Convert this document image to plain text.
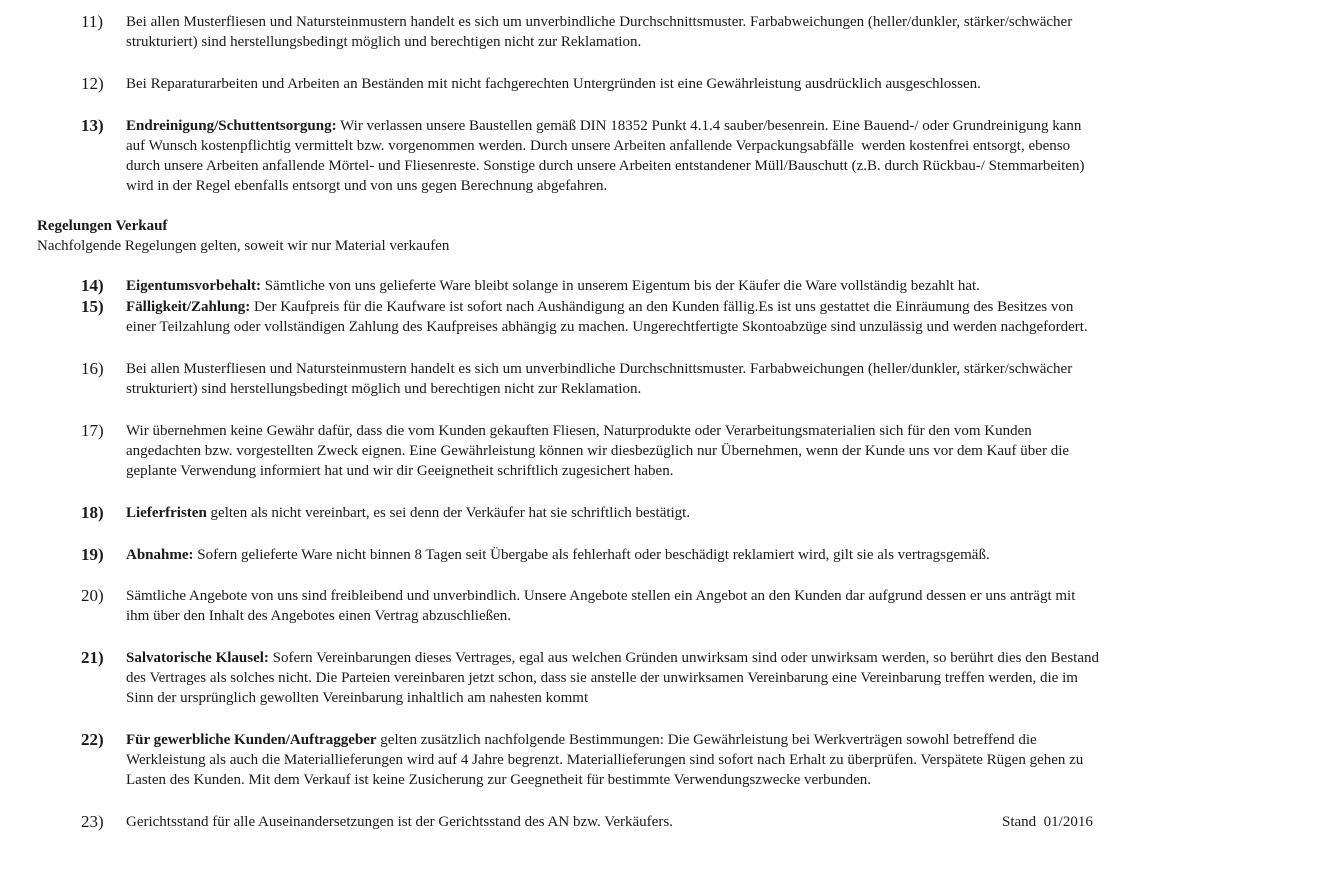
11)	Bei allen Musterfliesen und Natursteinmustern handelt es sich um unverbindliche Durchschnittsmuster. Farbabweichungen (heller/dunkler, stärker/schwächer
strukturiert) sind herstellungsbedingt möglich und berechtigen nicht zur Reklamation.
12)	Bei Reparaturarbeiten und Arbeiten an Beständen mit nicht fachgerechten Untergründen ist eine Gewährleistung ausdrücklich ausgeschlossen.
13)	Endreinigung/Schuttentsorgung: Wir verlassen unsere Baustellen gemäß DIN 18352 Punkt 4.1.4 sauber/besenrein. Eine Bauend-/ oder Grundreinigung kann
auf Wunsch kostenpflichtig vermittelt bzw. vorgenommen werden. Durch unsere Arbeiten anfallende Verpackungsabfälle  werden kostenfrei entsorgt, ebenso
durch unsere Arbeiten anfallende Mörtel- und Fliesenreste. Sonstige durch unsere Arbeiten entstandener Müll/Bauschutt (z.B. durch Rückbau-/ Stemmarbeiten)
wird in der Regel ebenfalls entsorgt und von uns gegen Berechnung abgefahren.
Regelungen Verkauf
Nachfolgende Regelungen gelten, soweit wir nur Material verkaufen
14)	Eigentumsvorbehalt: Sämtliche von uns gelieferte Ware bleibt solange in unserem Eigentum bis der Käufer die Ware vollständig bezahlt hat.
15)	Fälligkeit/Zahlung: Der Kaufpreis für die Kaufware ist sofort nach Aushändigung an den Kunden fällig.Es ist uns gestattet die Einräumung des Besitzes von
einer Teilzahlung oder vollständigen Zahlung des Kaufpreises abhängig zu machen. Ungerechtfertigte Skontoabzüge sind unzulässig und werden nachgefordert.
16)	Bei allen Musterfliesen und Natursteinmustern handelt es sich um unverbindliche Durchschnittsmuster. Farbabweichungen (heller/dunkler, stärker/schwächer
strukturiert) sind herstellungsbedingt möglich und berechtigen nicht zur Reklamation.
17)	Wir übernehmen keine Gewähr dafür, dass die vom Kunden gekauften Fliesen, Naturprodukte oder Verarbeitungsmaterialien sich für den vom Kunden
angedachten bzw. vorgestellten Zweck eignen. Eine Gewährleistung können wir diesbezüglich nur Übernehmen, wenn der Kunde uns vor dem Kauf über die
geplante Verwendung informiert hat und wir dir Geeignetheit schriftlich zugesichert haben.
18)	Lieferfristen gelten als nicht vereinbart, es sei denn der Verkäufer hat sie schriftlich bestätigt.
19)	Abnahme: Sofern gelieferte Ware nicht binnen 8 Tagen seit Übergabe als fehlerhaft oder beschädigt reklamiert wird, gilt sie als vertragsgemäß.
20)	Sämtliche Angebote von uns sind freibleibend und unverbindlich. Unsere Angebote stellen ein Angebot an den Kunden dar aufgrund dessen er uns anträgt mit
ihm über den Inhalt des Angebotes einen Vertrag abzuschließen.
21)	Salvatorische Klausel: Sofern Vereinbarungen dieses Vertrages, egal aus welchen Gründen unwirksam sind oder unwirksam werden, so berührt dies den Bestand
des Vertrages als solches nicht. Die Parteien vereinbaren jetzt schon, dass sie anstelle der unwirksamen Vereinbarung eine Vereinbarung treffen werden, die im
Sinn der ursprünglich gewollten Vereinbarung inhaltlich am nahesten kommt
22)	Für gewerbliche Kunden/Auftraggeber gelten zusätzlich nachfolgende Bestimmungen: Die Gewährleistung bei Werkverträgen sowohl betreffend die
Werkleistung als auch die Materiallieferungen wird auf 4 Jahre begrenzt. Materiallieferungen sind sofort nach Erhalt zu überprüfen. Verspätete Rügen gehen zu
Lasten des Kunden. Mit dem Verkauf ist keine Zusicherung zur Geegnetheit für bestimmte Verwendungszwecke verbunden.
23)	Gerichtsstand für alle Auseinandersetzungen ist der Gerichtsstand des AN bzw. Verkäufers.	Stand  01/2016
